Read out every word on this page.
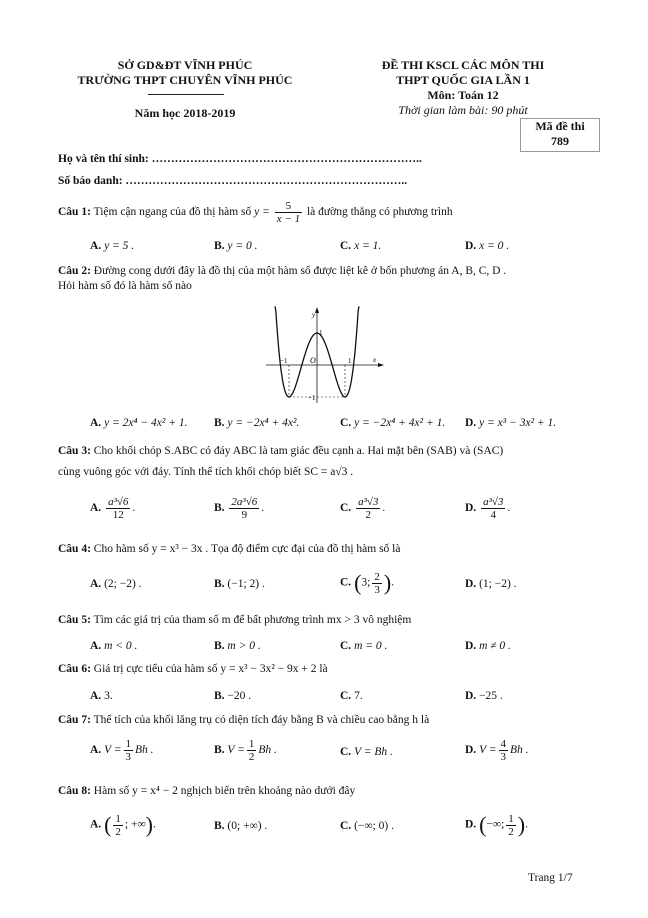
SỞ GD&ĐT VĨNH PHÚC
TRƯỜNG THPT CHUYÊN VĨNH PHÚC
Năm học 2018-2019
ĐỀ THI KSCL CÁC MÔN THI
THPT QUỐC GIA LẦN 1
Môn: Toán 12
Thời gian làm bài: 90 phút
Mã đề thi
789
Họ và tên thí sinh: ……………………………………………………………..
Số báo danh: ………………………………………………………………..
Câu 1: Tiệm cận ngang của đồ thị hàm số $y = \frac{5}{x - 1}$ là đường thẳng có phương trình
A. y = 5 .	B. y = 0 .	C. x = 1.	D. x = 0 .
Câu 2: Đường cong dưới đây là đồ thị của một hàm số được liệt kê ở bốn phương án A, B, C, D .
Hỏi hàm số đó là hàm số nào
y
x
O
−1	1
1
−1
A. y = 2x⁴ − 4x² + 1. B. y = −2x⁴ + 4x².	C. y = −2x⁴ + 4x² + 1. D. y = x³ − 3x² + 1.
Câu 3: Cho khối chóp S.ABC có đáy ABC là tam giác đều cạnh a. Hai mặt bên (SAB) và (SAC)
cùng vuông góc với đáy. Tính thể tích khối chóp biết SC = a√3 .
A. $\frac{\text{a³√6}}{12}$ .	B. $\frac{\text{2a³√6}}{9}$ .	C. $\frac{\text{a³√3}}{2}$ .	D. $\frac{\text{a³√3}}{4}$ .
Câu 4: Cho hàm số y = x³ − 3x . Tọa độ điểm cực đại của đồ thị hàm số là
A. (2; −2) .	B. (−1; 2) .	C. (3; $\frac{2}{3}$ ).	D. (1; −2) .
Câu 5: Tìm các giá trị của tham số m để bất phương trình mx > 3 vô nghiệm
A. m < 0 .	B. m > 0 .	C. m = 0 .	D. m ≠ 0 .
Câu 6: Giá trị cực tiểu của hàm số y = x³ − 3x² − 9x + 2 là
A. 3.	B. −20 .	C. 7.	D. −25 .
Câu 7: Thể tích của khối lăng trụ có diện tích đáy bằng B và chiều cao bằng h là
A. $V = \frac{1}{3}$ Bh .	B. $V = \frac{1}{2}$ Bh .	C. V = Bh .	D. $V = \frac{4}{3}$ Bh .
Câu 8: Hàm số y = x⁴ − 2 nghịch biến trên khoảng nào dưới đây
A. ( $\frac{1}{2}$ ; +∞).	B. (0; +∞) .	C. (−∞; 0) .	D. (−∞; $\frac{1}{2}$ ).
Trang 1/7
